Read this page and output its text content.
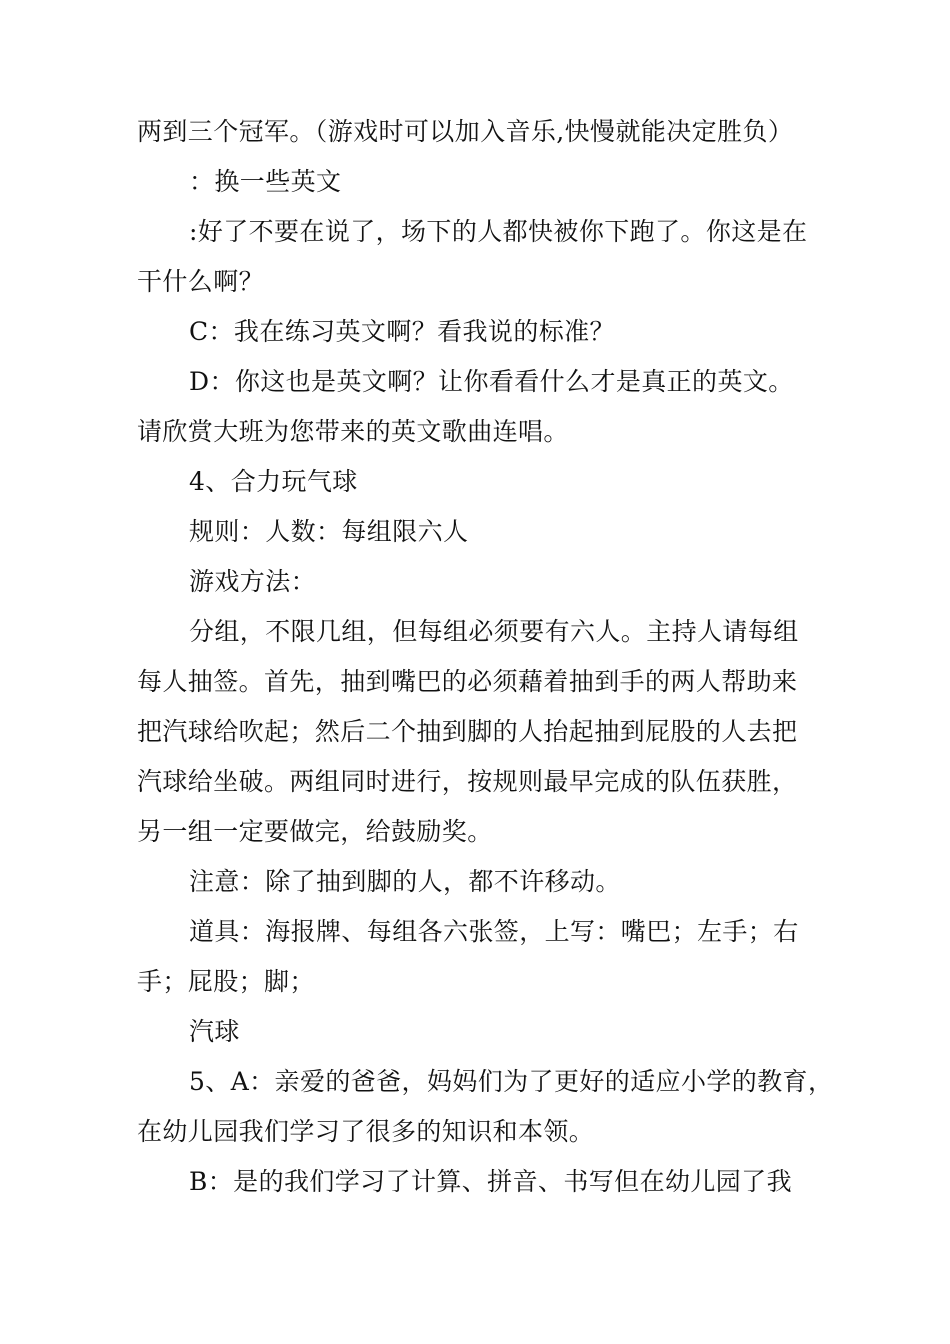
两到三个冠军。（游戏时可以加入音乐,快慢就能决定胜负）
：换一些英文
:好了不要在说了，场下的人都快被你下跑了。你这是在
干什么啊？
C：我在练习英文啊？看我说的标准？
D：你这也是英文啊？让你看看什么才是真正的英文。
请欣赏大班为您带来的英文歌曲连唱。
4、合力玩气球
规则：人数：每组限六人
游戏方法：
分组，不限几组，但每组必须要有六人。主持人请每组
每人抽签。首先，抽到嘴巴的必须藉着抽到手的两人帮助来
把汽球给吹起；然后二个抽到脚的人抬起抽到屁股的人去把
汽球给坐破。两组同时进行，按规则最早完成的队伍获胜，
另一组一定要做完，给鼓励奖。
注意：除了抽到脚的人，都不许移动。
道具：海报牌、每组各六张签，上写：嘴巴；左手；右
手；屁股；脚；
汽球
5、A：亲爱的爸爸，妈妈们为了更好的适应小学的教育，
在幼儿园我们学习了很多的知识和本领。
B：是的我们学习了计算、拼音、书写但在幼儿园了我
